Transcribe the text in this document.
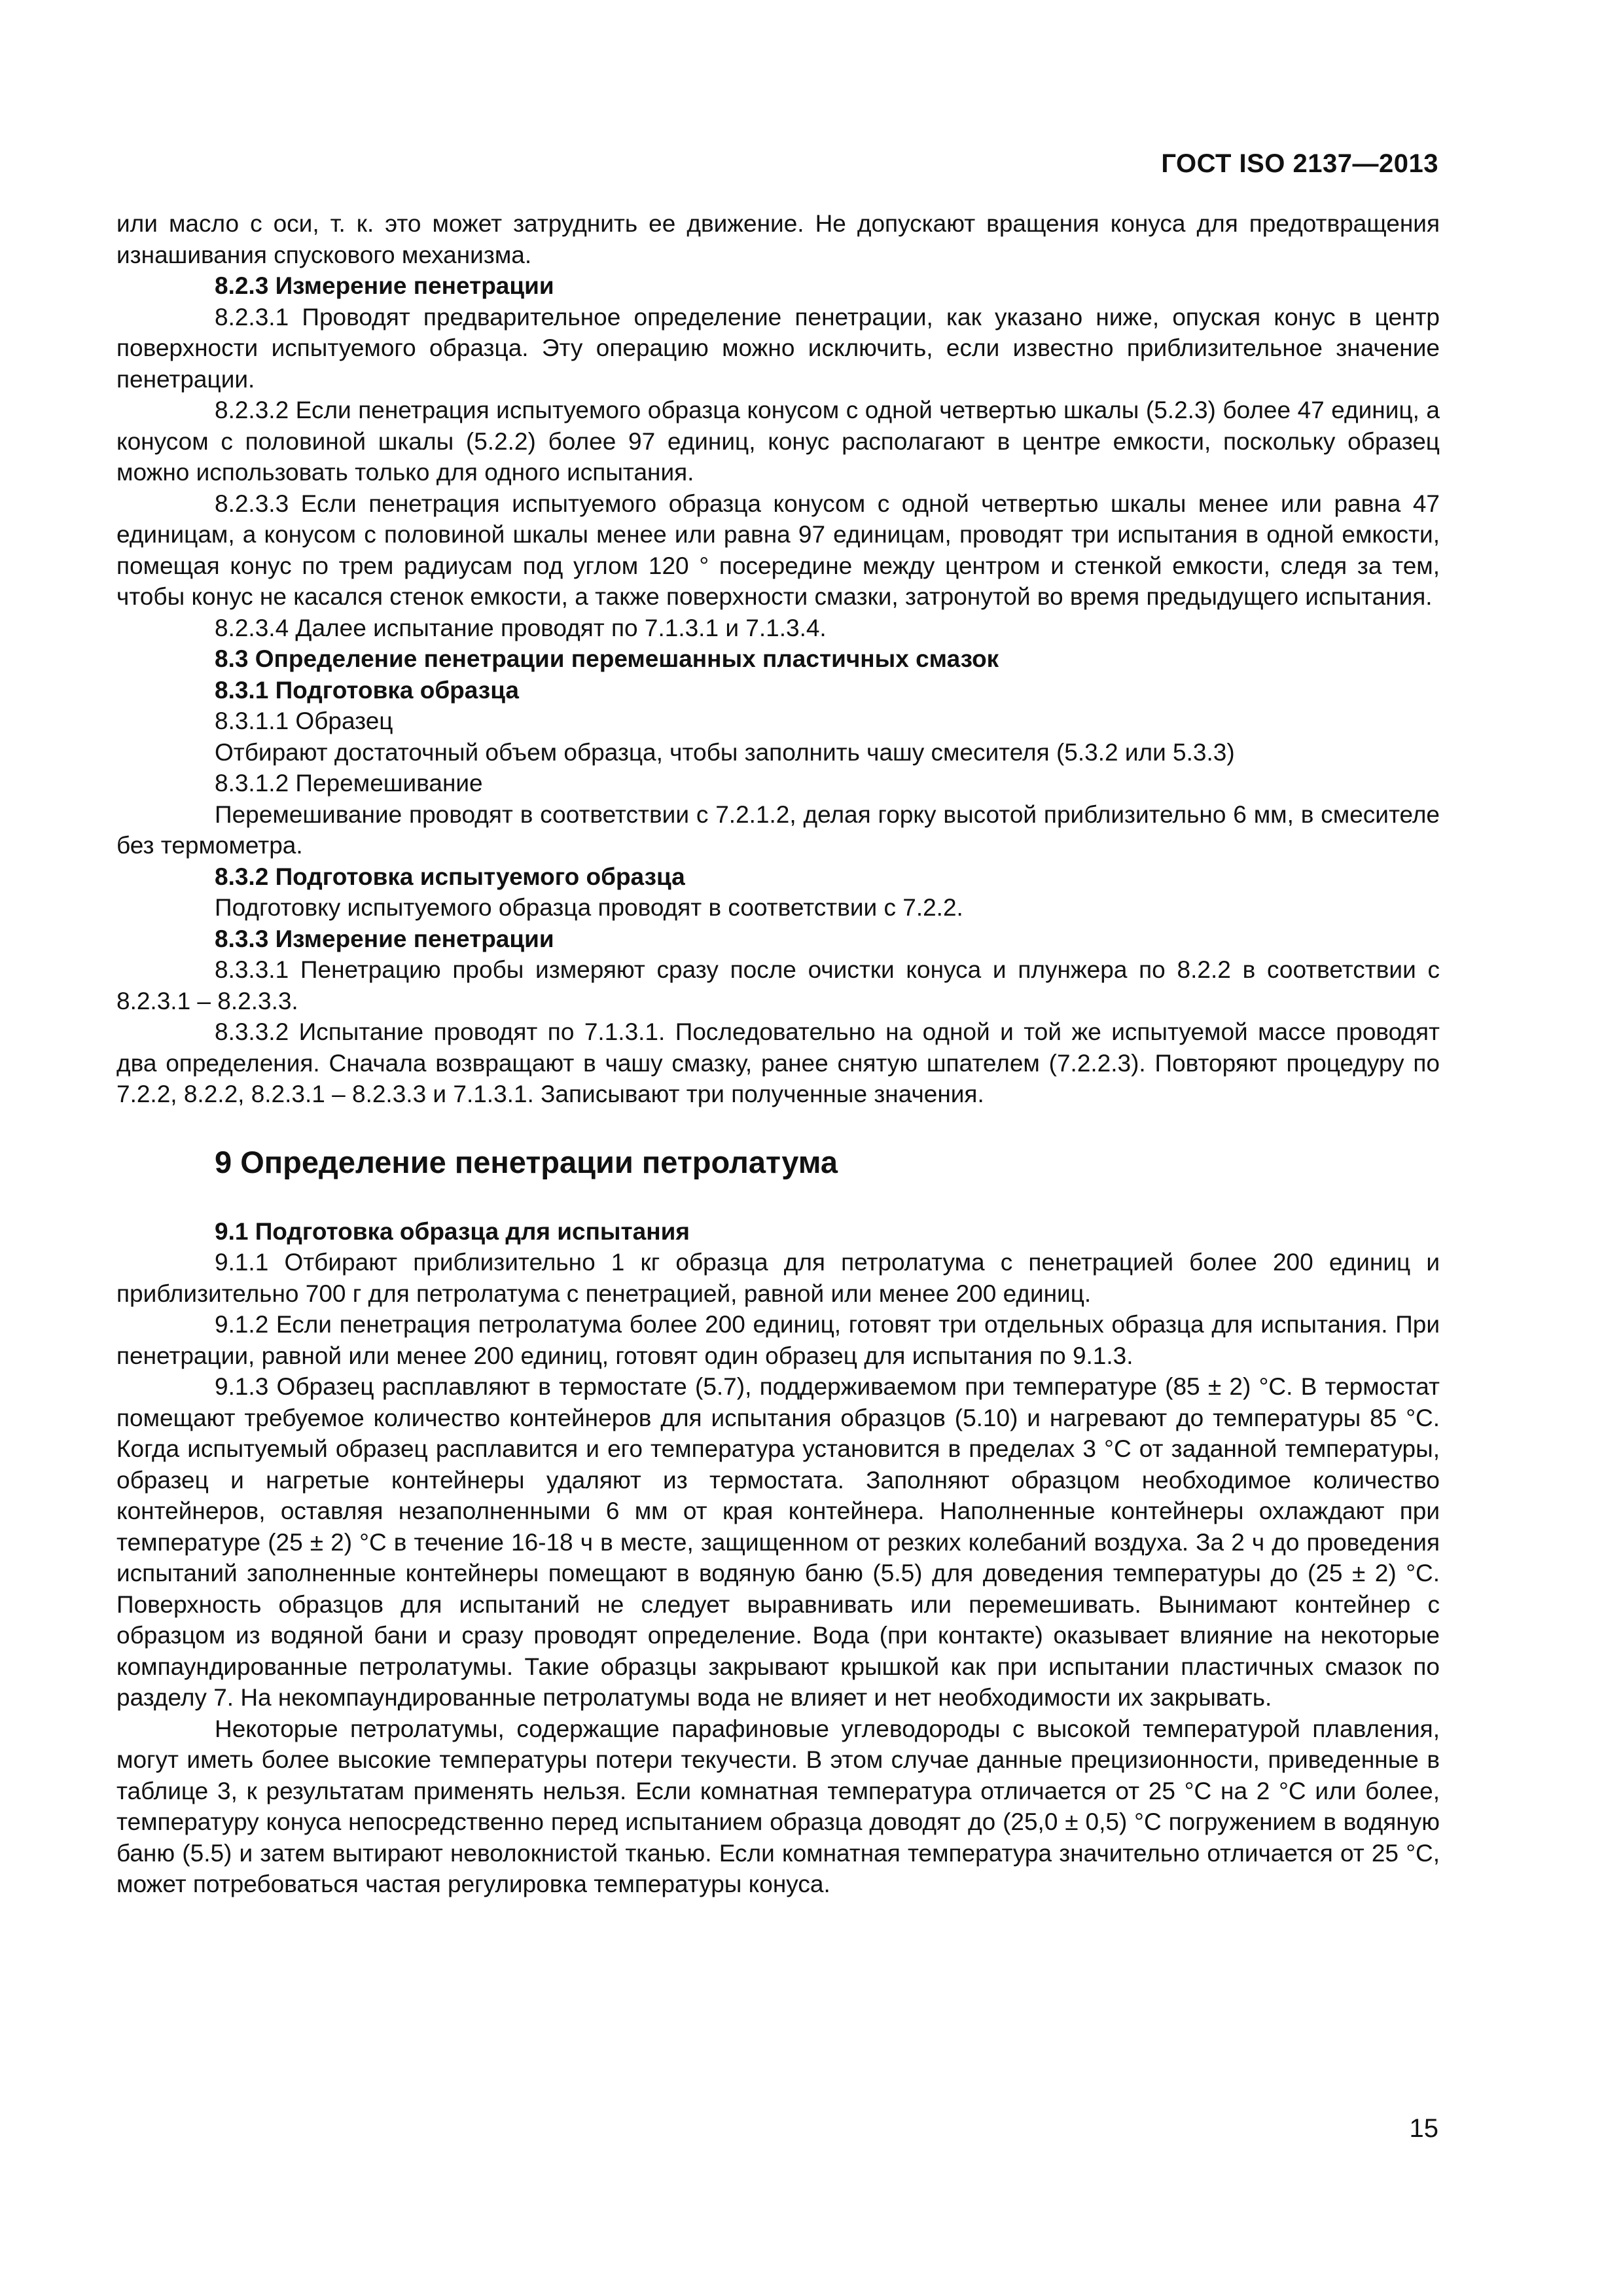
ГОСТ ISO 2137—2013

или масло с оси, т. к. это может затруднить ее движение. Не допускают вращения конуса для предотвращения изнашивания спускового механизма.

8.2.3 Измерение пенетрации

8.2.3.1 Проводят предварительное определение пенетрации, как указано ниже, опуская конус в центр поверхности испытуемого образца. Эту операцию можно исключить, если известно приблизительное значение пенетрации.

8.2.3.2 Если пенетрация испытуемого образца конусом с одной четвертью шкалы (5.2.3) более 47 единиц, а конусом с половиной шкалы (5.2.2) более 97 единиц, конус располагают в центре емкости, поскольку образец можно использовать только для одного испытания.

8.2.3.3 Если пенетрация испытуемого образца конусом с одной четвертью шкалы менее или равна 47 единицам, а конусом с половиной шкалы менее или равна 97 единицам, проводят три испытания в одной емкости, помещая конус по трем радиусам под углом 120 ° посередине между центром и стенкой емкости, следя за тем, чтобы конус не касался стенок емкости, а также поверхности смазки, затронутой во время предыдущего испытания.

8.2.3.4 Далее испытание проводят по 7.1.3.1 и 7.1.3.4.

8.3 Определение пенетрации перемешанных пластичных смазок

8.3.1 Подготовка образца

8.3.1.1 Образец

Отбирают достаточный объем образца, чтобы заполнить чашу смесителя (5.3.2 или 5.3.3)

8.3.1.2 Перемешивание

Перемешивание проводят в соответствии с 7.2.1.2, делая горку высотой приблизительно 6 мм, в смесителе без термометра.

8.3.2 Подготовка испытуемого образца

Подготовку испытуемого образца проводят в соответствии с 7.2.2.

8.3.3 Измерение пенетрации

8.3.3.1 Пенетрацию пробы измеряют сразу после очистки конуса и плунжера по 8.2.2 в соответствии с 8.2.3.1 – 8.2.3.3.

8.3.3.2 Испытание проводят по 7.1.3.1. Последовательно на одной и той же испытуемой массе проводят два определения. Сначала возвращают в чашу смазку, ранее снятую шпателем (7.2.2.3). Повторяют процедуру по 7.2.2, 8.2.2, 8.2.3.1 – 8.2.3.3 и 7.1.3.1. Записывают три полученные значения.

9 Определение пенетрации петролатума

9.1 Подготовка образца для испытания

9.1.1 Отбирают приблизительно 1 кг образца для петролатума с пенетрацией более 200 единиц и приблизительно 700 г для петролатума с пенетрацией, равной или менее 200 единиц.

9.1.2 Если пенетрация петролатума более 200 единиц, готовят три отдельных образца для испытания. При пенетрации, равной или менее 200 единиц, готовят один образец для испытания по 9.1.3.

9.1.3 Образец расплавляют в термостате (5.7), поддерживаемом при температуре (85 ± 2) °С. В термостат помещают требуемое количество контейнеров для испытания образцов (5.10) и нагревают до температуры 85 °С. Когда испытуемый образец расплавится и его температура установится в пределах 3 °С от заданной температуры, образец и нагретые контейнеры удаляют из термостата. Заполняют образцом необходимое количество контейнеров, оставляя незаполненными 6 мм от края контейнера. Наполненные контейнеры охлаждают при температуре (25 ± 2) °С в течение 16-18 ч в месте, защищенном от резких колебаний воздуха. За 2 ч до проведения испытаний заполненные контейнеры помещают в водяную баню (5.5) для доведения температуры до (25 ± 2) °С. Поверхность образцов для испытаний не следует выравнивать или перемешивать. Вынимают контейнер с образцом из водяной бани и сразу проводят определение. Вода (при контакте) оказывает влияние на некоторые компаундированные петролатумы. Такие образцы закрывают крышкой как при испытании пластичных смазок по разделу 7. На некомпаундированные петролатумы вода не влияет и нет необходимости их закрывать.

Некоторые петролатумы, содержащие парафиновые углеводороды с высокой температурой плавления, могут иметь более высокие температуры потери текучести. В этом случае данные прецизионности, приведенные в таблице 3, к результатам применять нельзя. Если комнатная температура отличается от 25 °С на 2 °С или более, температуру конуса непосредственно перед испытанием образца доводят до (25,0 ± 0,5) °С погружением в водяную баню (5.5) и затем вытирают неволокнистой тканью. Если комнатная температура значительно отличается от 25 °С, может потребоваться частая регулировка температуры конуса.

15
